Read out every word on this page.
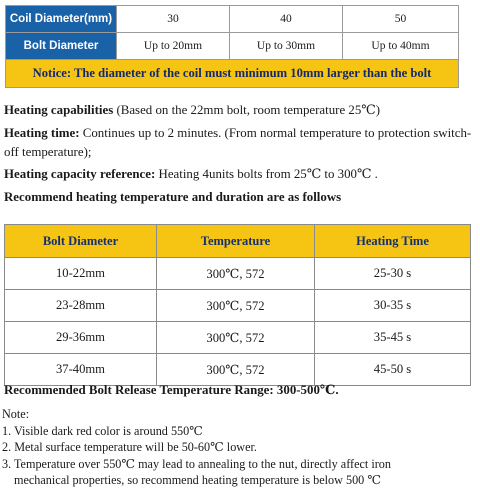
Coil Diameter(mm)	30	40	50
Bolt Diameter	Up to 20mm	Up to 30mm	Up to 40mm
Notice: The diameter of the coil must minimum 10mm larger than the bolt			
Heating capabilities (Based on the 22mm bolt, room temperature 25℃)
Heating time: Continues up to 2 minutes. (From normal temperature to protection switch-off temperature);
Heating capacity reference: Heating 4units bolts from 25℃ to 300℃ .
Recommend heating temperature and duration are as follows
Bolt Diameter	Temperature	Heating Time
10-22mm	300℃, 572	25-30 s
23-28mm	300℃, 572	30-35 s
29-36mm	300℃, 572	35-45 s
37-40mm	300℃, 572	45-50 s
Recommended Bolt Release Temperature Range: 300-500℃.
Note:
1. Visible dark red color is around 550℃
2. Metal surface temperature will be 50-60℃ lower.
3. Temperature over 550℃ may lead to annealing to the nut, directly affect iron
mechanical properties, so recommend heating temperature is below 500 ℃
